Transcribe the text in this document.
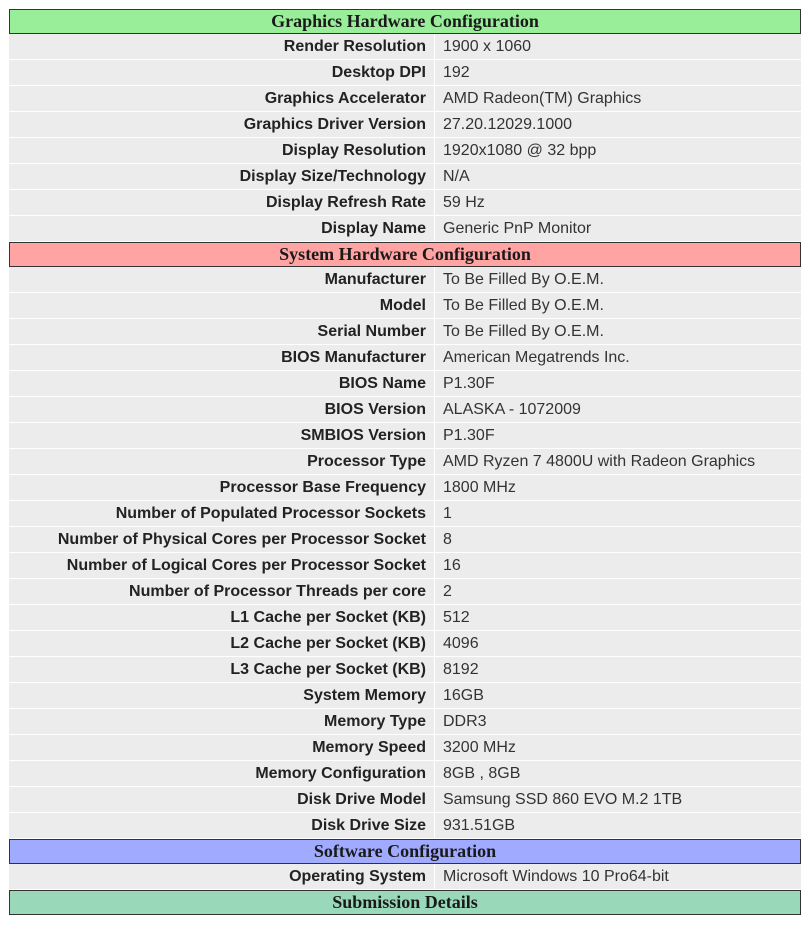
Graphics Hardware Configuration	
Render Resolution	1900 x 1060
Desktop DPI	192
Graphics Accelerator	AMD Radeon(TM) Graphics
Graphics Driver Version	27.20.12029.1000
Display Resolution	1920x1080 @ 32 bpp
Display Size/Technology	N/A
Display Refresh Rate	59 Hz
Display Name	Generic PnP Monitor
System Hardware Configuration	
Manufacturer	To Be Filled By O.E.M.
Model	To Be Filled By O.E.M.
Serial Number	To Be Filled By O.E.M.
BIOS Manufacturer	American Megatrends Inc.
BIOS Name	P1.30F
BIOS Version	ALASKA - 1072009
SMBIOS Version	P1.30F
Processor Type	AMD Ryzen 7 4800U with Radeon Graphics
Processor Base Frequency	1800 MHz
Number of Populated Processor Sockets	1
Number of Physical Cores per Processor Socket	8
Number of Logical Cores per Processor Socket	16
Number of Processor Threads per core	2
L1 Cache per Socket (KB)	512
L2 Cache per Socket (KB)	4096
L3 Cache per Socket (KB)	8192
System Memory	16GB
Memory Type	DDR3
Memory Speed	3200 MHz
Memory Configuration	8GB , 8GB
Disk Drive Model	Samsung SSD 860 EVO M.2 1TB
Disk Drive Size	931.51GB
Software Configuration	
Operating System	Microsoft Windows 10 Pro64-bit
Submission Details	
